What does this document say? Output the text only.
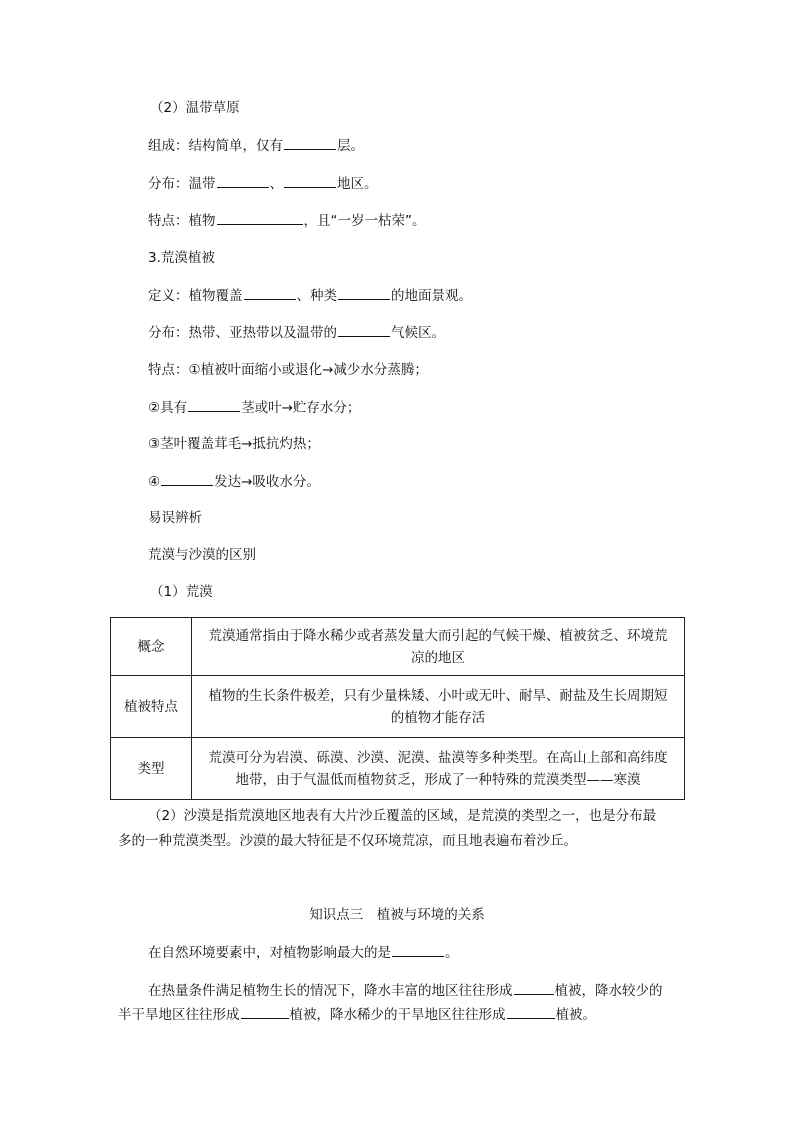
（2）温带草原
组成：结构简单，仅有	层。
分布：温带	、	地区。
特点：植物	，且“一岁一枯荣”。
3.荒漠植被
定义：植物覆盖	、种类	的地面景观。
分布：热带、亚热带以及温带的	气候区。
特点：①植被叶面缩小或退化→减少水分蒸腾；
②具有	茎或叶→贮存水分；
③茎叶覆盖茸毛→抵抗灼热；
④	发达→吸收水分。
易误辨析
荒漠与沙漠的区别
（1）荒漠
概念	荒漠通常指由于降水稀少或者蒸发量大而引起的气候干燥、植被贫乏、环境荒
凉的地区

植被特点	植物的生长条件极差，只有少量株矮、小叶或无叶、耐旱、耐盐及生长周期短
的植物才能存活

类型	荒漠可分为岩漠、砾漠、沙漠、泥漠、盐漠等多种类型。在高山上部和高纬度
地带，由于气温低而植物贫乏，形成了一种特殊的荒漠类型——寒漠
（2）沙漠是指荒漠地区地表有大片沙丘覆盖的区域，是荒漠的类型之一，也是分布最
多的一种荒漠类型。沙漠的最大特征是不仅环境荒凉，而且地表遍布着沙丘。
知识点三　植被与环境的关系
在自然环境要素中，对植物影响最大的是	。
在热量条件满足植物生长的情况下，降水丰富的地区往往形成	植被，降水较少的
半干旱地区往往形成	植被，降水稀少的干旱地区往往形成	植被。
